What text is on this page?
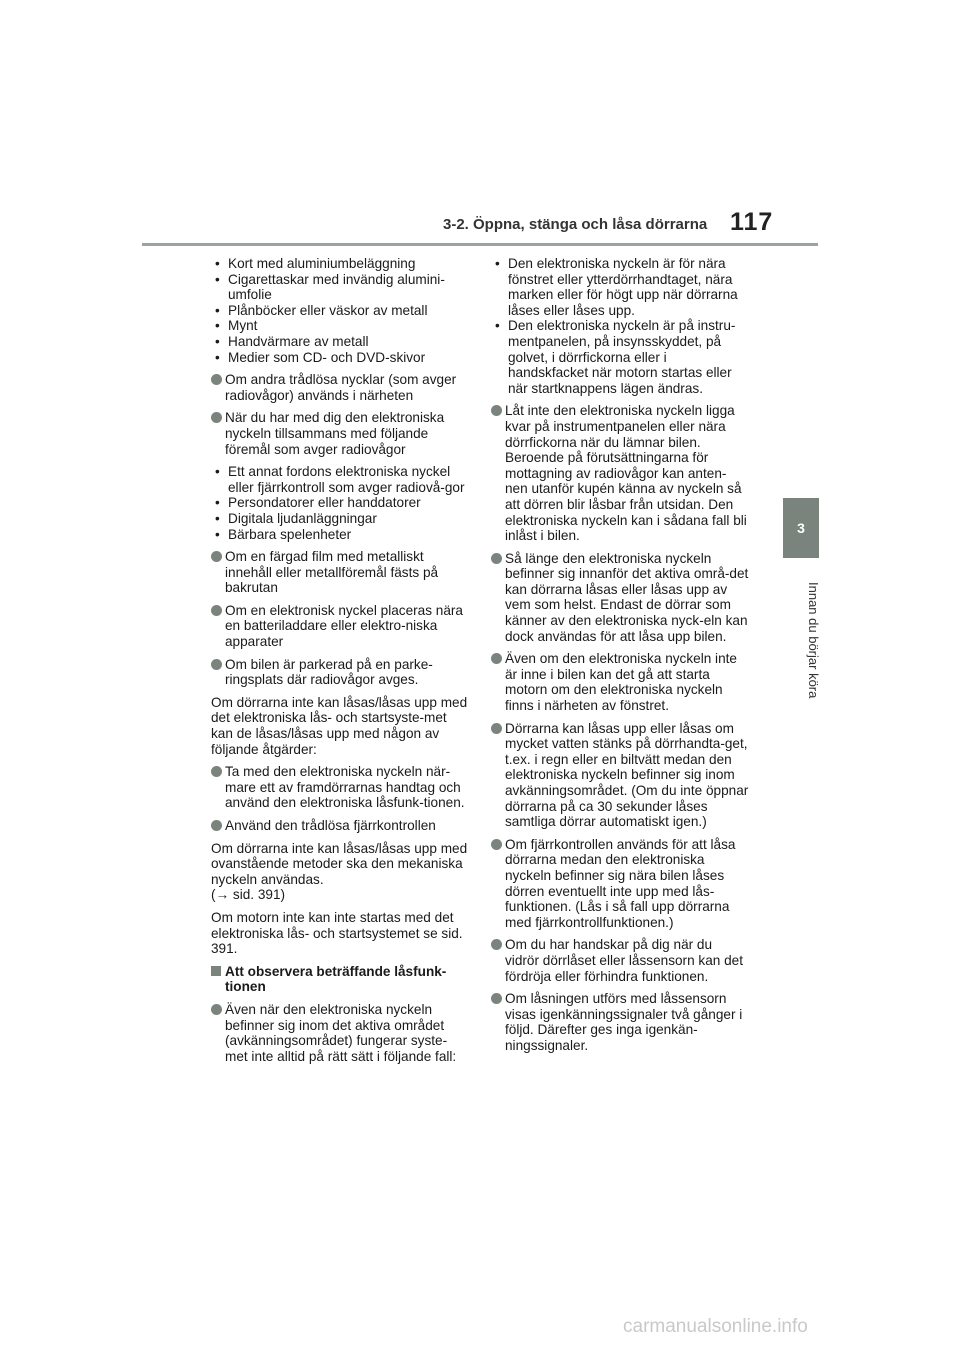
3-2. Öppna, stänga och låsa dörrarna 117
3
Innan du börjar köra
• Kort med aluminiumbeläggning
• Cigarettaskar med invändig alumini-umfolie
• Plånböcker eller väskor av metall
• Mynt
• Handvärmare av metall
• Medier som CD- och DVD-skivor
Om andra trådlösa nycklar (som avger radiovågor) används i närheten
När du har med dig den elektroniska nyckeln tillsammans med följande föremål som avger radiovågor
• Ett annat fordons elektroniska nyckel eller fjärrkontroll som avger radiovå-gor
• Persondatorer eller handdatorer
• Digitala ljudanläggningar
• Bärbara spelenheter
Om en färgad film med metalliskt innehåll eller metallföremål fästs på bakrutan
Om en elektronisk nyckel placeras nära en batteriladdare eller elektro-niska apparater
Om bilen är parkerad på en parke-ringsplats där radiovågor avges.

Om dörrarna inte kan låsas/låsas upp med det elektroniska lås- och startsyste-met kan de låsas/låsas upp med någon av följande åtgärder:

Ta med den elektroniska nyckeln när-mare ett av framdörrarnas handtag och använd den elektroniska låsfunk-tionen.
Använd den trådlösa fjärrkontrollen

Om dörrarna inte kan låsas/låsas upp med ovanstående metoder ska den mekaniska nyckeln användas.
(→ sid. 391)

Om motorn inte kan inte startas med det elektroniska lås- och startsystemet se sid. 391.

Att observera beträffande låsfunk-tionen
Även när den elektroniska nyckeln befinner sig inom det aktiva området (avkänningsområdet) fungerar syste-met inte alltid på rätt sätt i följande fall:
• Den elektroniska nyckeln är för nära fönstret eller ytterdörrhandtaget, nära marken eller för högt upp när dörrarna låses eller låses upp.
• Den elektroniska nyckeln är på instru-mentpanelen, på insynsskyddet, på golvet, i dörrfickorna eller i handskfacket när motorn startas eller när startknappens lägen ändras.
Låt inte den elektroniska nyckeln ligga kvar på instrumentpanelen eller nära dörrfickorna när du lämnar bilen. Beroende på förutsättningarna för mottagning av radiovågor kan anten-nen utanför kupén känna av nyckeln så att dörren blir låsbar från utsidan. Den elektroniska nyckeln kan i sådana fall bli inlåst i bilen.
Så länge den elektroniska nyckeln befinner sig innanför det aktiva områ-det kan dörrarna låsas eller låsas upp av vem som helst. Endast de dörrar som känner av den elektroniska nyck-eln kan dock användas för att låsa upp bilen.
Även om den elektroniska nyckeln inte är inne i bilen kan det gå att starta motorn om den elektroniska nyckeln finns i närheten av fönstret.
Dörrarna kan låsas upp eller låsas om mycket vatten stänks på dörrhandta-get, t.ex. i regn eller en biltvätt medan den elektroniska nyckeln befinner sig inom avkänningsområdet. (Om du inte öppnar dörrarna på ca 30 sekunder låses samtliga dörrar automatiskt igen.)
Om fjärrkontrollen används för att låsa dörrarna medan den elektroniska nyckeln befinner sig nära bilen låses dörren eventuellt inte upp med lås-funktionen. (Lås i så fall upp dörrarna med fjärrkontrollfunktionen.)
Om du har handskar på dig när du vidrör dörrlåset eller låssensorn kan det fördröja eller förhindra funktionen.
Om låsningen utförs med låssensorn visas igenkänningssignaler två gånger i följd. Därefter ges inga igenkän-ningssignaler.
carmanualsonline.info
